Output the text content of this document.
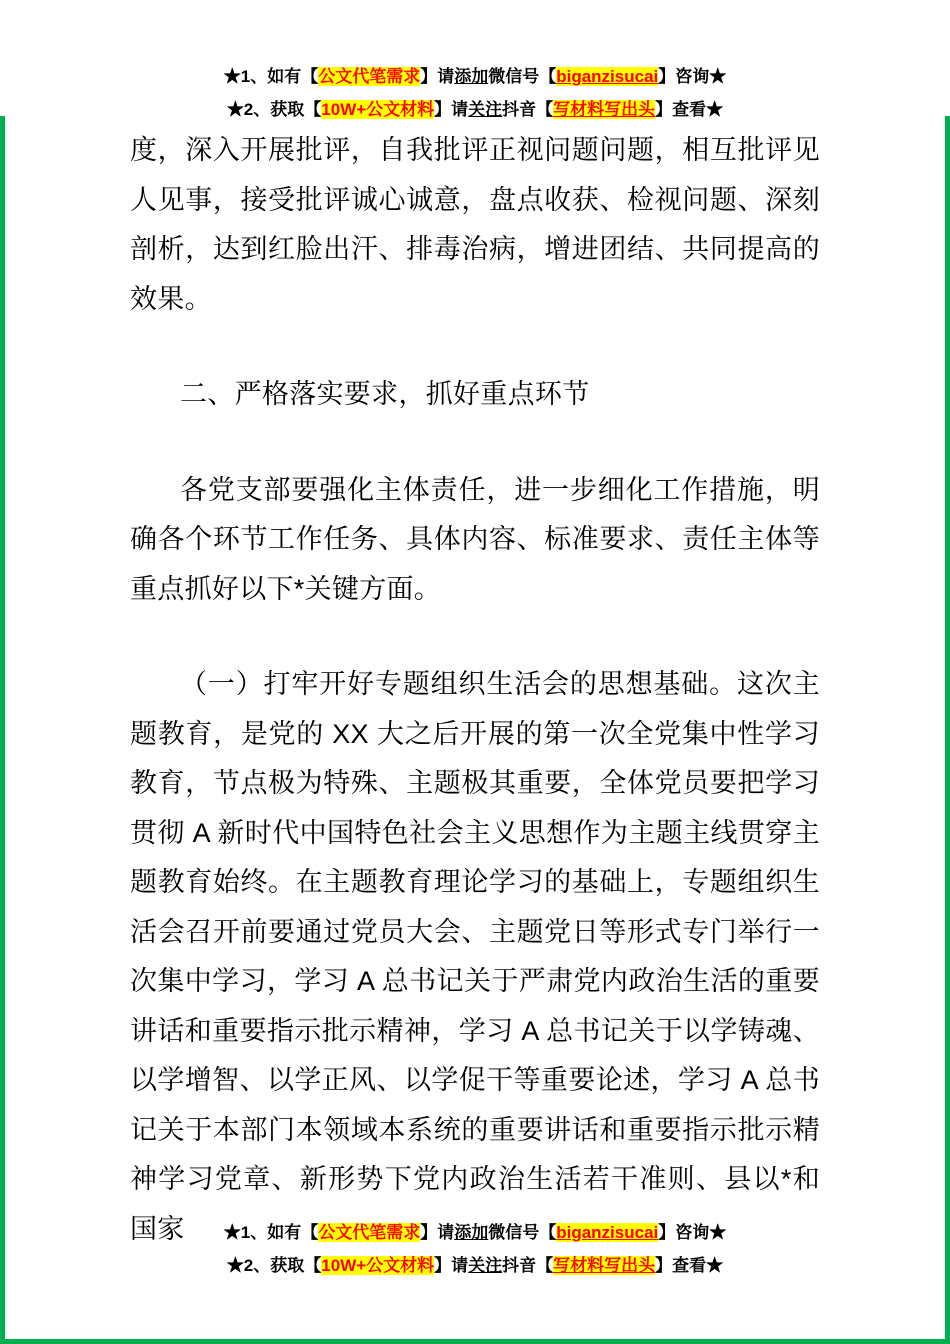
★1、如有【公文代笔需求】请添加微信号【biganzisucai】咨询★
★2、获取【10W+公文材料】请关注抖音【写材料写出头】查看★

度，深入开展批评，自我批评正视问题问题，相互批评见人见事，接受批评诚心诚意，盘点收获、检视问题、深刻剖析，达到红脸出汗、排毒治病，增进团结、共同提高的效果。

二、严格落实要求，抓好重点环节

各党支部要强化主体责任，进一步细化工作措施，明确各个环节工作任务、具体内容、标准要求、责任主体等重点抓好以下*关键方面。

（一）打牢开好专题组织生活会的思想基础。这次主题教育，是党的 XX 大之后开展的第一次全党集中性学习教育，节点极为特殊、主题极其重要，全体党员要把学习贯彻 A 新时代中国特色社会主义思想作为主题主线贯穿主题教育始终。在主题教育理论学习的基础上，专题组织生活会召开前要通过党员大会、主题党日等形式专门举行一次集中学习，学习 A 总书记关于严肃党内政治生活的重要讲话和重要指示批示精神，学习 A 总书记关于以学铸魂、以学增智、以学正风、以学促干等重要论述，学习 A 总书记关于本部门本领域本系统的重要讲话和重要指示批示精神学习党章、新形势下党内政治生活若干准则、县以*和国家	★1、如有【公文代笔需求】请添加微信号【biganzisucai】咨询★
★2、获取【10W+公文材料】请关注抖音【写材料写出头】查看★
